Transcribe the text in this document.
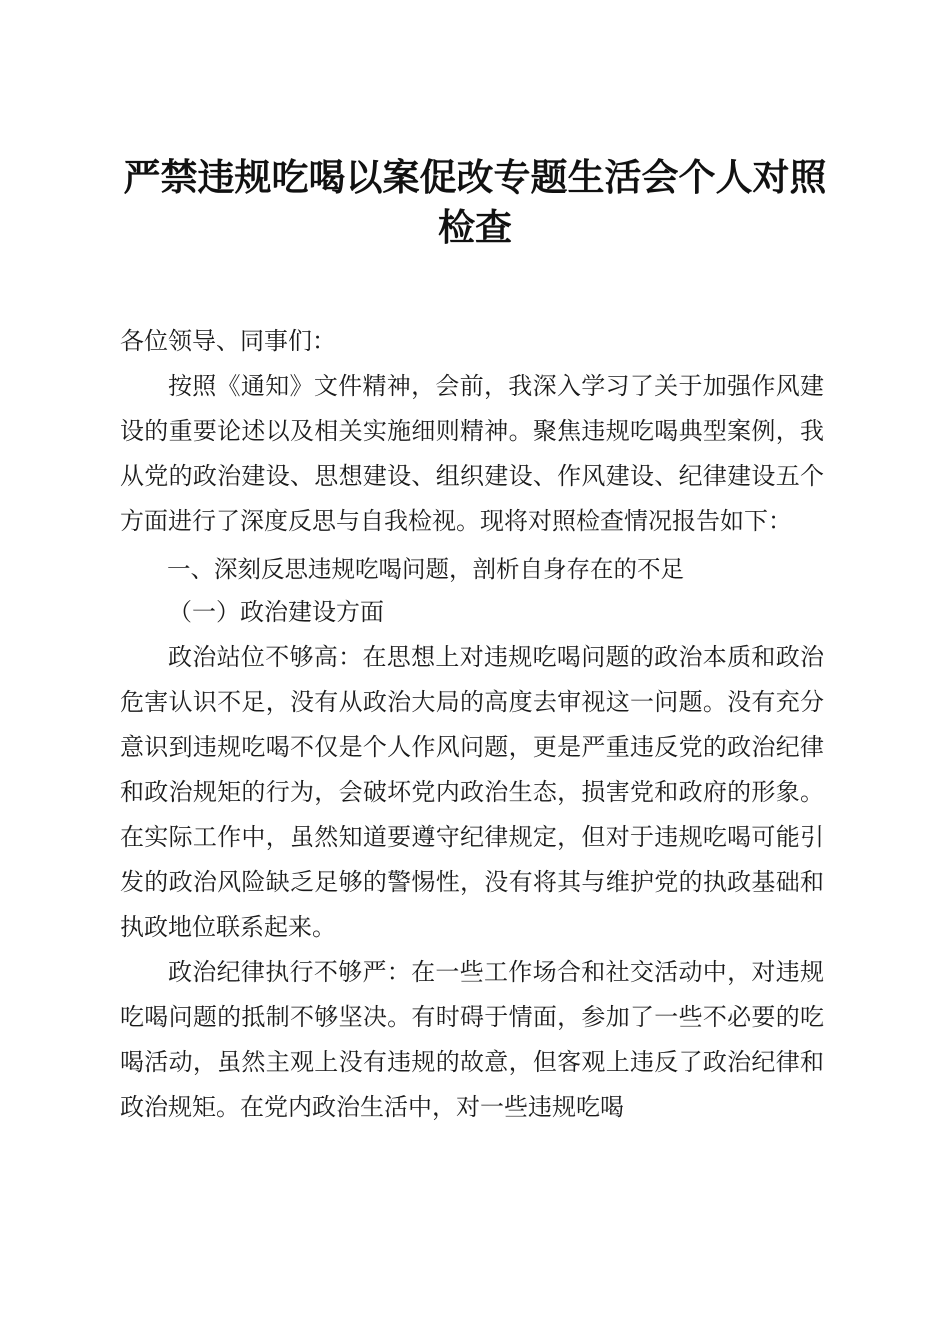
严禁违规吃喝以案促改专题生活会个人对照检查

各位领导、同事们：

按照《通知》文件精神，会前，我深入学习了关于加强作风建设的重要论述以及相关实施细则精神。聚焦违规吃喝典型案例，我从党的政治建设、思想建设、组织建设、作风建设、纪律建设五个方面进行了深度反思与自我检视。现将对照检查情况报告如下：

一、深刻反思违规吃喝问题，剖析自身存在的不足

（一）政治建设方面

政治站位不够高：在思想上对违规吃喝问题的政治本质和政治危害认识不足，没有从政治大局的高度去审视这一问题。没有充分意识到违规吃喝不仅是个人作风问题，更是严重违反党的政治纪律和政治规矩的行为，会破坏党内政治生态，损害党和政府的形象。在实际工作中，虽然知道要遵守纪律规定，但对于违规吃喝可能引发的政治风险缺乏足够的警惕性，没有将其与维护党的执政基础和执政地位联系起来。

政治纪律执行不够严：在一些工作场合和社交活动中，对违规吃喝问题的抵制不够坚决。有时碍于情面，参加了一些不必要的吃喝活动，虽然主观上没有违规的故意，但客观上违反了政治纪律和政治规矩。在党内政治生活中，对一些违规吃喝
